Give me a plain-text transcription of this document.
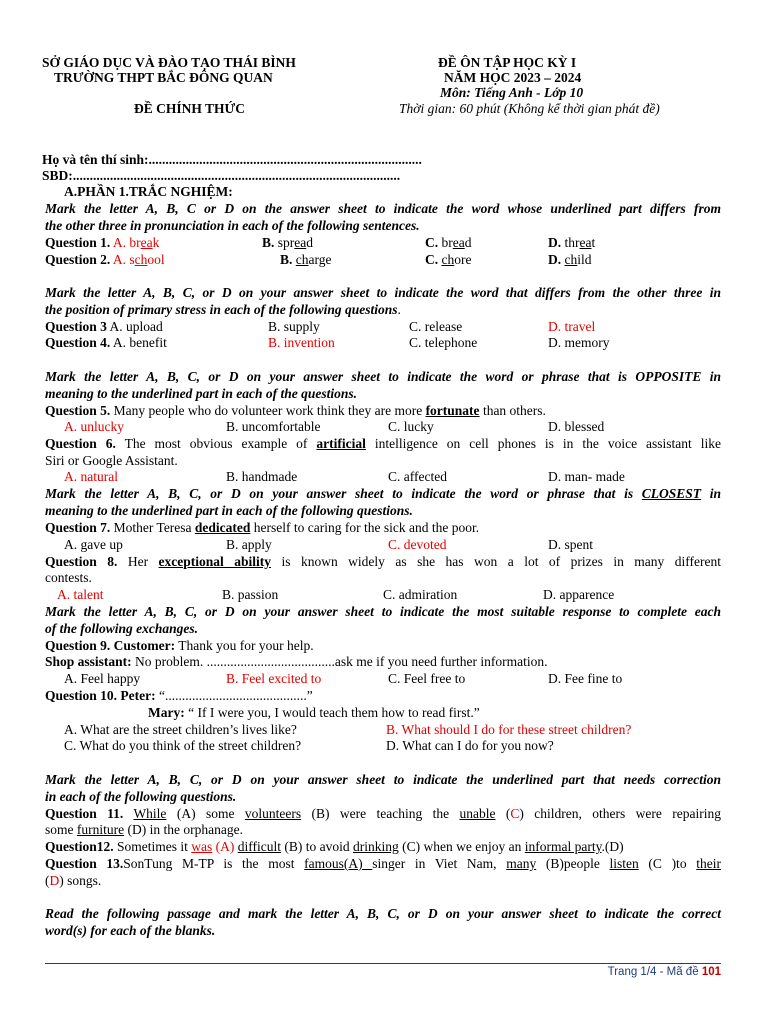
SỞ GIÁO DỤC VÀ ĐÀO TẠO THÁI BÌNH
TRƯỜNG THPT BẮC ĐÔNG QUAN
ĐỀ CHÍNH THỨC
ĐỀ ÔN TẬP HỌC KỲ I
NĂM HỌC 2023 – 2024
Môn: Tiếng Anh - Lớp 10
Thời gian: 60 phút (Không kể thời gian phát đề)
Họ và tên thí sinh:.................................................................................
SBD:.................................................................................................
A.PHẦN 1.TRẮC NGHIỆM:
Mark the letter A, B, C or D on the answer sheet to indicate the word whose underlined part differs from
the other three in pronunciation in each of the following sentences.
Question 1. A. break	B. spread	C. bread	D. threat
Question 2. A. school	B. charge	C. chore	D. child
Mark the letter A, B, C, or D on your answer sheet to indicate the word that differs from the other three in
the position of primary stress in each of the following questions.
Question 3 A. upload	B. supply	C. release	D. travel
Question 4. A. benefit	B. invention	C. telephone	D. memory
Mark the letter A, B, C, or D on your answer sheet to indicate the word or phrase that is OPPOSITE in
meaning to the underlined part in each of the questions.
Question 5. Many people who do volunteer work think they are more fortunate than others.
A. unlucky	B. uncomfortable	C. lucky	D. blessed
Question 6. The most obvious example of artificial intelligence on cell phones is in the voice assistant like
Siri or Google Assistant.
A. natural	B. handmade	C. affected	D. man- made
Mark the letter A, B, C, or D on your answer sheet to indicate the word or phrase that is CLOSEST in
meaning to the underlined part in each of the following questions.
Question 7. Mother Teresa dedicated herself to caring for the sick and the poor.
A. gave up	B. apply	C. devoted	D. spent
Question 8. Her exceptional ability is known widely as she has won a lot of prizes in many different
contests.
A. talent	B. passion	C. admiration	D. apparence
Mark the letter A, B, C, or D on your answer sheet to indicate the most suitable response to complete each
of the following exchanges.
Question 9. Customer: Thank you for your help.
Shop assistant: No problem. ......................................ask me if you need further information.
A. Feel happy	B. Feel excited to	C. Feel free to	D. Fee fine to
Question 10. Peter: “..........................................”
Mary: “ If I were you, I would teach them how to read first.”
A. What are the street children’s lives like?	B. What should I do for these street children?
C. What do you think of the street children?	D. What can I do for you now?
Mark the letter A, B, C, or D on your answer sheet to indicate the underlined part that needs correction
in each of the following questions.
Question 11. While (A) some volunteers (B) were teaching the unable (C) children, others were repairing
some furniture (D) in the orphanage.
Question12. Sometimes it was (A) difficult (B) to avoid drinking (C) when we enjoy an informal party.(D)
Question 13.SonTung M-TP is the most famous(A) singer in Viet Nam, many (B)people listen (C )to their
(D) songs.
Read the following passage and mark the letter A, B, C, or D on your answer sheet to indicate the correct
word(s) for each of the blanks.
Trang 1/4 - Mã đề 101
